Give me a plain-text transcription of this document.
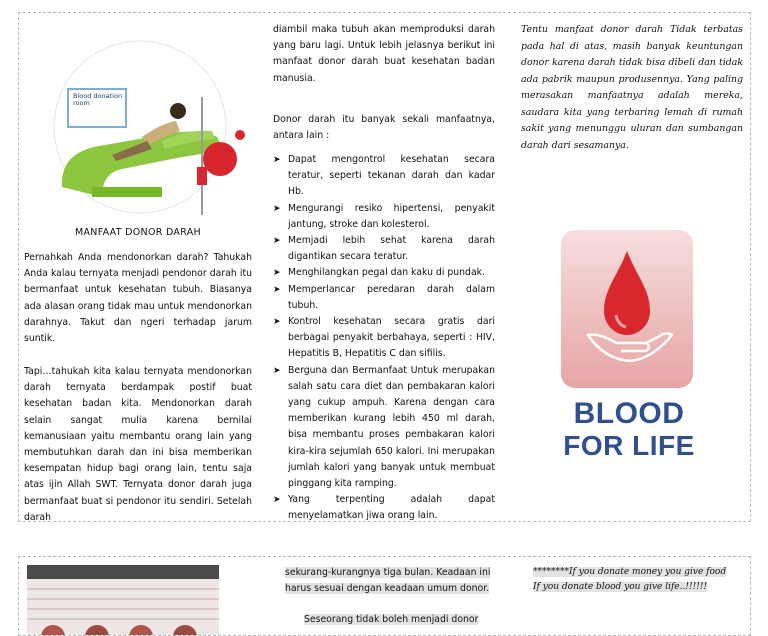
Blood donation room
MANFAAT DONOR DARAH
Pernahkah Anda mendonorkan darah? Tahukah Anda kalau ternyata menjadi pendonor darah itu bermanfaat untuk kesehatan tubuh. Biasanya ada alasan orang tidak mau untuk mendonorkan darahnya. Takut dan ngeri terhadap jarum suntik.
Tapi…tahukah kita kalau ternyata mendonorkan darah ternyata berdampak postif buat kesehatan badan kita. Mendonorkan darah selain sangat mulia karena bernilai kemanusiaan yaitu membantu orang lain yang membutuhkan darah dan ini bisa memberikan kesempatan hidup bagi orang lain, tentu saja atas ijin Allah SWT. Ternyata donor darah juga bermanfaat buat si pendonor itu sendiri. Setelah darah
diambil maka tubuh akan memproduksi darah yang baru lagi. Untuk lebih jelasnya berikut ini manfaat donor darah buat kesehatan badan manusia.
Donor darah itu banyak sekali manfaatnya, antara lain :
➤ Dapat mengontrol kesehatan secara teratur, seperti tekanan darah dan kadar Hb.
➤ Mengurangi resiko hipertensi, penyakit jantung, stroke dan kolesterol.
➤ Memjadi lebih sehat karena darah digantikan secara teratur.
➤ Menghilangkan pegal dan kaku di pundak.
➤ Memperlancar peredaran darah dalam tubuh.
➤ Kontrol kesehatan secara gratis dari berbagai penyakit berbahaya, seperti : HIV, Hepatitis B, Hepatitis C dan sifilis.
➤ Berguna dan Bermanfaat Untuk merupakan salah satu cara diet dan pembakaran kalori yang cukup ampuh. Karena dengan cara memberikan kurang lebih 450 ml darah, bisa membantu proses pembakaran kalori kira-kira sejumlah 650 kalori. Ini merupakan jumlah kalori yang banyak untuk membuat pinggang kita ramping.
➤ Yang terpenting adalah dapat menyelamatkan jiwa orang lain.
Tentu manfaat donor darah Tidak terbatas pada hal di atas, masih banyak keuntungan donor karena darah tidak bisa dibeli dan tidak ada pabrik maupun produsennya. Yang paling merasakan manfaatnya adalah mereka, saudara kita yang terbaring lemah di rumah sakit yang menunggu uluran dan sumbangan darah dari sesamanya.
BLOOD
FOR LIFE
sekurang-kurangnya tiga bulan. Keadaan ini
harus sesuai dengan keadaan umum donor.
Seseorang tidak boleh menjadi donor
********If you donate money you give food
If you donate blood you give life..!!!!!!
